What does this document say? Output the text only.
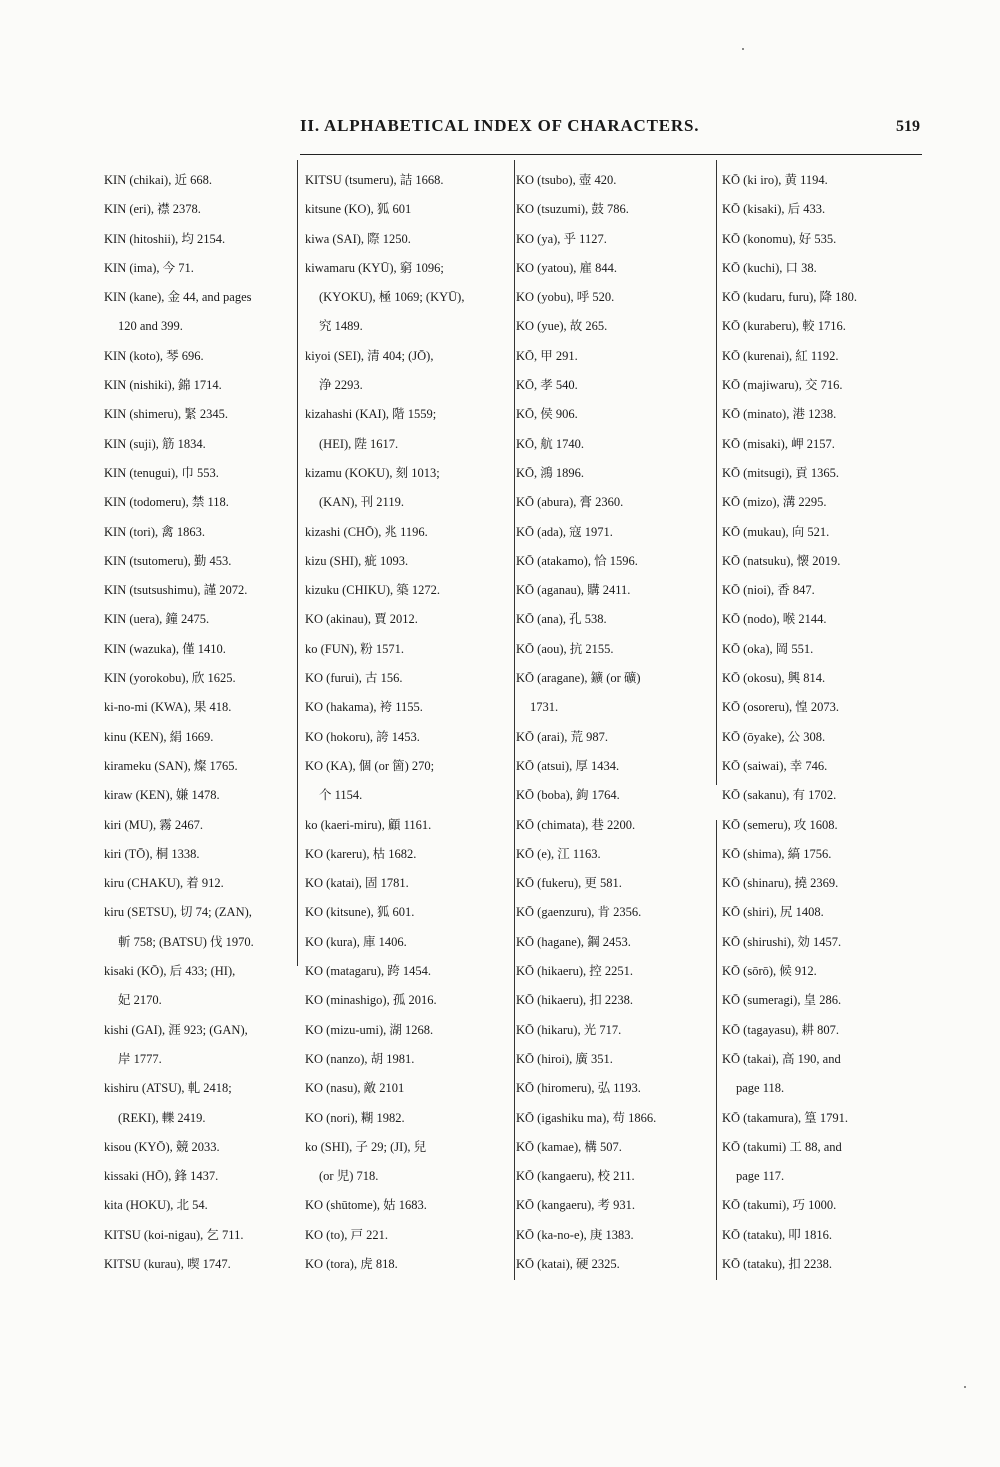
II. ALPHABETICAL INDEX OF CHARACTERS.	519
KIN (chikai), 近 668.
KIN (eri), 襟 2378.
KIN (hitoshii), 均 2154.
KIN (ima), 今 71.
KIN (kane), 金 44, and pages
120 and 399.
KIN (koto), 琴 696.
KIN (nishiki), 錦 1714.
KIN (shimeru), 緊 2345.
KIN (suji), 筋 1834.
KIN (tenugui), 巾 553.
KIN (todomeru), 禁 118.
KIN (tori), 禽 1863.
KIN (tsutomeru), 勤 453.
KIN (tsutsushimu), 謹 2072.
KIN (uera), 鐘 2475.
KIN (wazuka), 僅 1410.
KIN (yorokobu), 欣 1625.
ki-no-mi (KWA), 果 418.
kinu (KEN), 絹 1669.
kirameku (SAN), 燦 1765.
kiraw (KEN), 嫌 1478.
kiri (MU), 霧 2467.
kiri (TŌ), 桐 1338.
kiru (CHAKU), 着 912.
kiru (SETSU), 切 74; (ZAN),
斬 758; (BATSU) 伐 1970.
kisaki (KŌ), 后 433; (HI),
妃 2170.
kishi (GAI), 涯 923; (GAN),
岸 1777.
kishiru (ATSU), 軋 2418;
(REKI), 轢 2419.
kisou (KYŌ), 競 2033.
kissaki (HŌ), 鋒 1437.
kita (HOKU), 北 54.
KITSU (koi-nigau), 乞 711.
KITSU (kurau), 喫 1747.
KITSU (tsumeru), 詰 1668.
kitsune (KO), 狐 601
kiwa (SAI), 際 1250.
kiwamaru (KYŪ), 窮 1096;
(KYOKU), 極 1069; (KYŪ),
究 1489.
kiyoi (SEI), 清 404; (JŌ),
浄 2293.
kizahashi (KAI), 階 1559;
(HEI), 陛 1617.
kizamu (KOKU), 刻 1013;
(KAN), 刊 2119.
kizashi (CHŌ), 兆 1196.
kizu (SHI), 疵 1093.
kizuku (CHIKU), 築 1272.
KO (akinau), 賈 2012.
ko (FUN), 粉 1571.
KO (furui), 古 156.
KO (hakama), 袴 1155.
KO (hokoru), 誇 1453.
KO (KA), 個 (or 箇) 270;
个 1154.
ko (kaeri-miru), 顧 1161.
KO (kareru), 枯 1682.
KO (katai), 固 1781.
KO (kitsune), 狐 601.
KO (kura), 庫 1406.
KO (matagaru), 跨 1454.
KO (minashigo), 孤 2016.
KO (mizu-umi), 湖 1268.
KO (nanzo), 胡 1981.
KO (nasu), 敵 2101
KO (nori), 糊 1982.
ko (SHI), 子 29; (JI), 兒
(or 児) 718.
KO (shūtome), 姑 1683.
KO (to), 戸 221.
KO (tora), 虎 818.
KO (tsubo), 壺 420.
KO (tsuzumi), 鼓 786.
KO (ya), 乎 1127.
KO (yatou), 雇 844.
KO (yobu), 呼 520.
KO (yue), 故 265.
KŌ, 甲 291.
KŌ, 孝 540.
KŌ, 侯 906.
KŌ, 航 1740.
KŌ, 鴻 1896.
KŌ (abura), 膏 2360.
KŌ (ada), 寇 1971.
KŌ (atakamo), 恰 1596.
KŌ (aganau), 購 2411.
KŌ (ana), 孔 538.
KŌ (aou), 抗 2155.
KŌ (aragane), 鑛 (or 礦)
1731.
KŌ (arai), 荒 987.
KŌ (atsui), 厚 1434.
KŌ (boba), 鉤 1764.
KŌ (chimata), 巷 2200.
KŌ (e), 江 1163.
KŌ (fukeru), 更 581.
KŌ (gaenzuru), 肯 2356.
KŌ (hagane), 鋼 2453.
KŌ (hikaeru), 控 2251.
KŌ (hikaeru), 扣 2238.
KŌ (hikaru), 光 717.
KŌ (hiroi), 廣 351.
KŌ (hiromeru), 弘 1193.
KŌ (igashiku ma), 苟 1866.
KŌ (kamae), 構 507.
KŌ (kangaeru), 校 211.
KŌ (kangaeru), 考 931.
KŌ (ka-no-e), 庚 1383.
KŌ (katai), 硬 2325.
KŌ (ki iro), 黄 1194.
KŌ (kisaki), 后 433.
KŌ (konomu), 好 535.
KŌ (kuchi), 口 38.
KŌ (kudaru, furu), 降 180.
KŌ (kuraberu), 較 1716.
KŌ (kurenai), 紅 1192.
KŌ (majiwaru), 交 716.
KŌ (minato), 港 1238.
KŌ (misaki), 岬 2157.
KŌ (mitsugi), 貢 1365.
KŌ (mizo), 溝 2295.
KŌ (mukau), 向 521.
KŌ (natsuku), 懐 2019.
KŌ (nioi), 香 847.
KŌ (nodo), 喉 2144.
KŌ (oka), 岡 551.
KŌ (okosu), 興 814.
KŌ (osoreru), 惶 2073.
KŌ (ōyake), 公 308.
KŌ (saiwai), 幸 746.
KŌ (sakanu), 有 1702.
KŌ (semeru), 攻 1608.
KŌ (shima), 縞 1756.
KŌ (shinaru), 撓 2369.
KŌ (shiri), 尻 1408.
KŌ (shirushi), 効 1457.
KŌ (sōrō), 候 912.
KŌ (sumeragi), 皇 286.
KŌ (tagayasu), 耕 807.
KŌ (takai), 高 190, and
page 118.
KŌ (takamura), 篁 1791.
KŌ (takumi) 工 88, and
page 117.
KŌ (takumi), 巧 1000.
KŌ (tataku), 叩 1816.
KŌ (tataku), 扣 2238.
